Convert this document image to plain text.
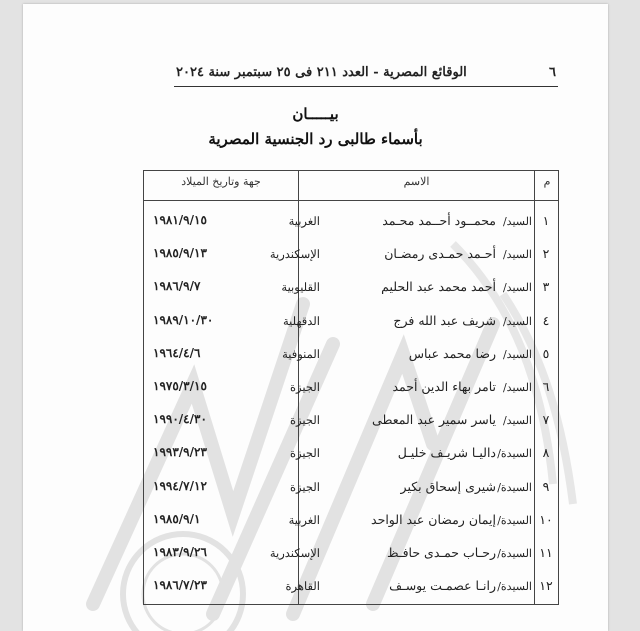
٦
الوقائع المصرية - العدد ٢١١ فى ٢٥ سبتمبر سنة ٢٠٢٤
بيـــــان
بأسماء طالبى رد الجنسية المصرية
م
الاسم
جهة وتاريخ الميلاد
١
السيد/
محمــود أحــمد محـمد
الغربية
١٩٨١/٩/١٥
٢
السيد/
أحـمد حمـدى رمضـان
الإسكندرية
١٩٨٥/٩/١٣
٣
السيد/
أحمد محمد عبد الحليم
القليوبية
١٩٨٦/٩/٧
٤
السيد/
شريف عبد الله فرج
الدقهلية
١٩٨٩/١٠/٣٠
٥
السيد/
رضا محمد عباس
المنوفية
١٩٦٤/٤/٦
٦
السيد/
تامر بهاء الدين أحمد
الجيزة
١٩٧٥/٣/١٥
٧
السيد/
ياسر سمير عبد المعطى
الجيزة
١٩٩٠/٤/٣٠
٨
السيدة/
داليـا شريـف خليـل
الجيزة
١٩٩٣/٩/٢٣
٩
السيدة/
شيرى إسحاق بكير
الجيزة
١٩٩٤/٧/١٢
١٠
السيدة/
إيمان رمضان عبد الواحد
الغربية
١٩٨٥/٩/١
١١
السيدة/
رحـاب حمـدى حافـظ
الإسكندرية
١٩٨٣/٩/٢٦
١٢
السيدة/
رانـا عصمـت يوسـف
القاهرة
١٩٨٦/٧/٢٣
